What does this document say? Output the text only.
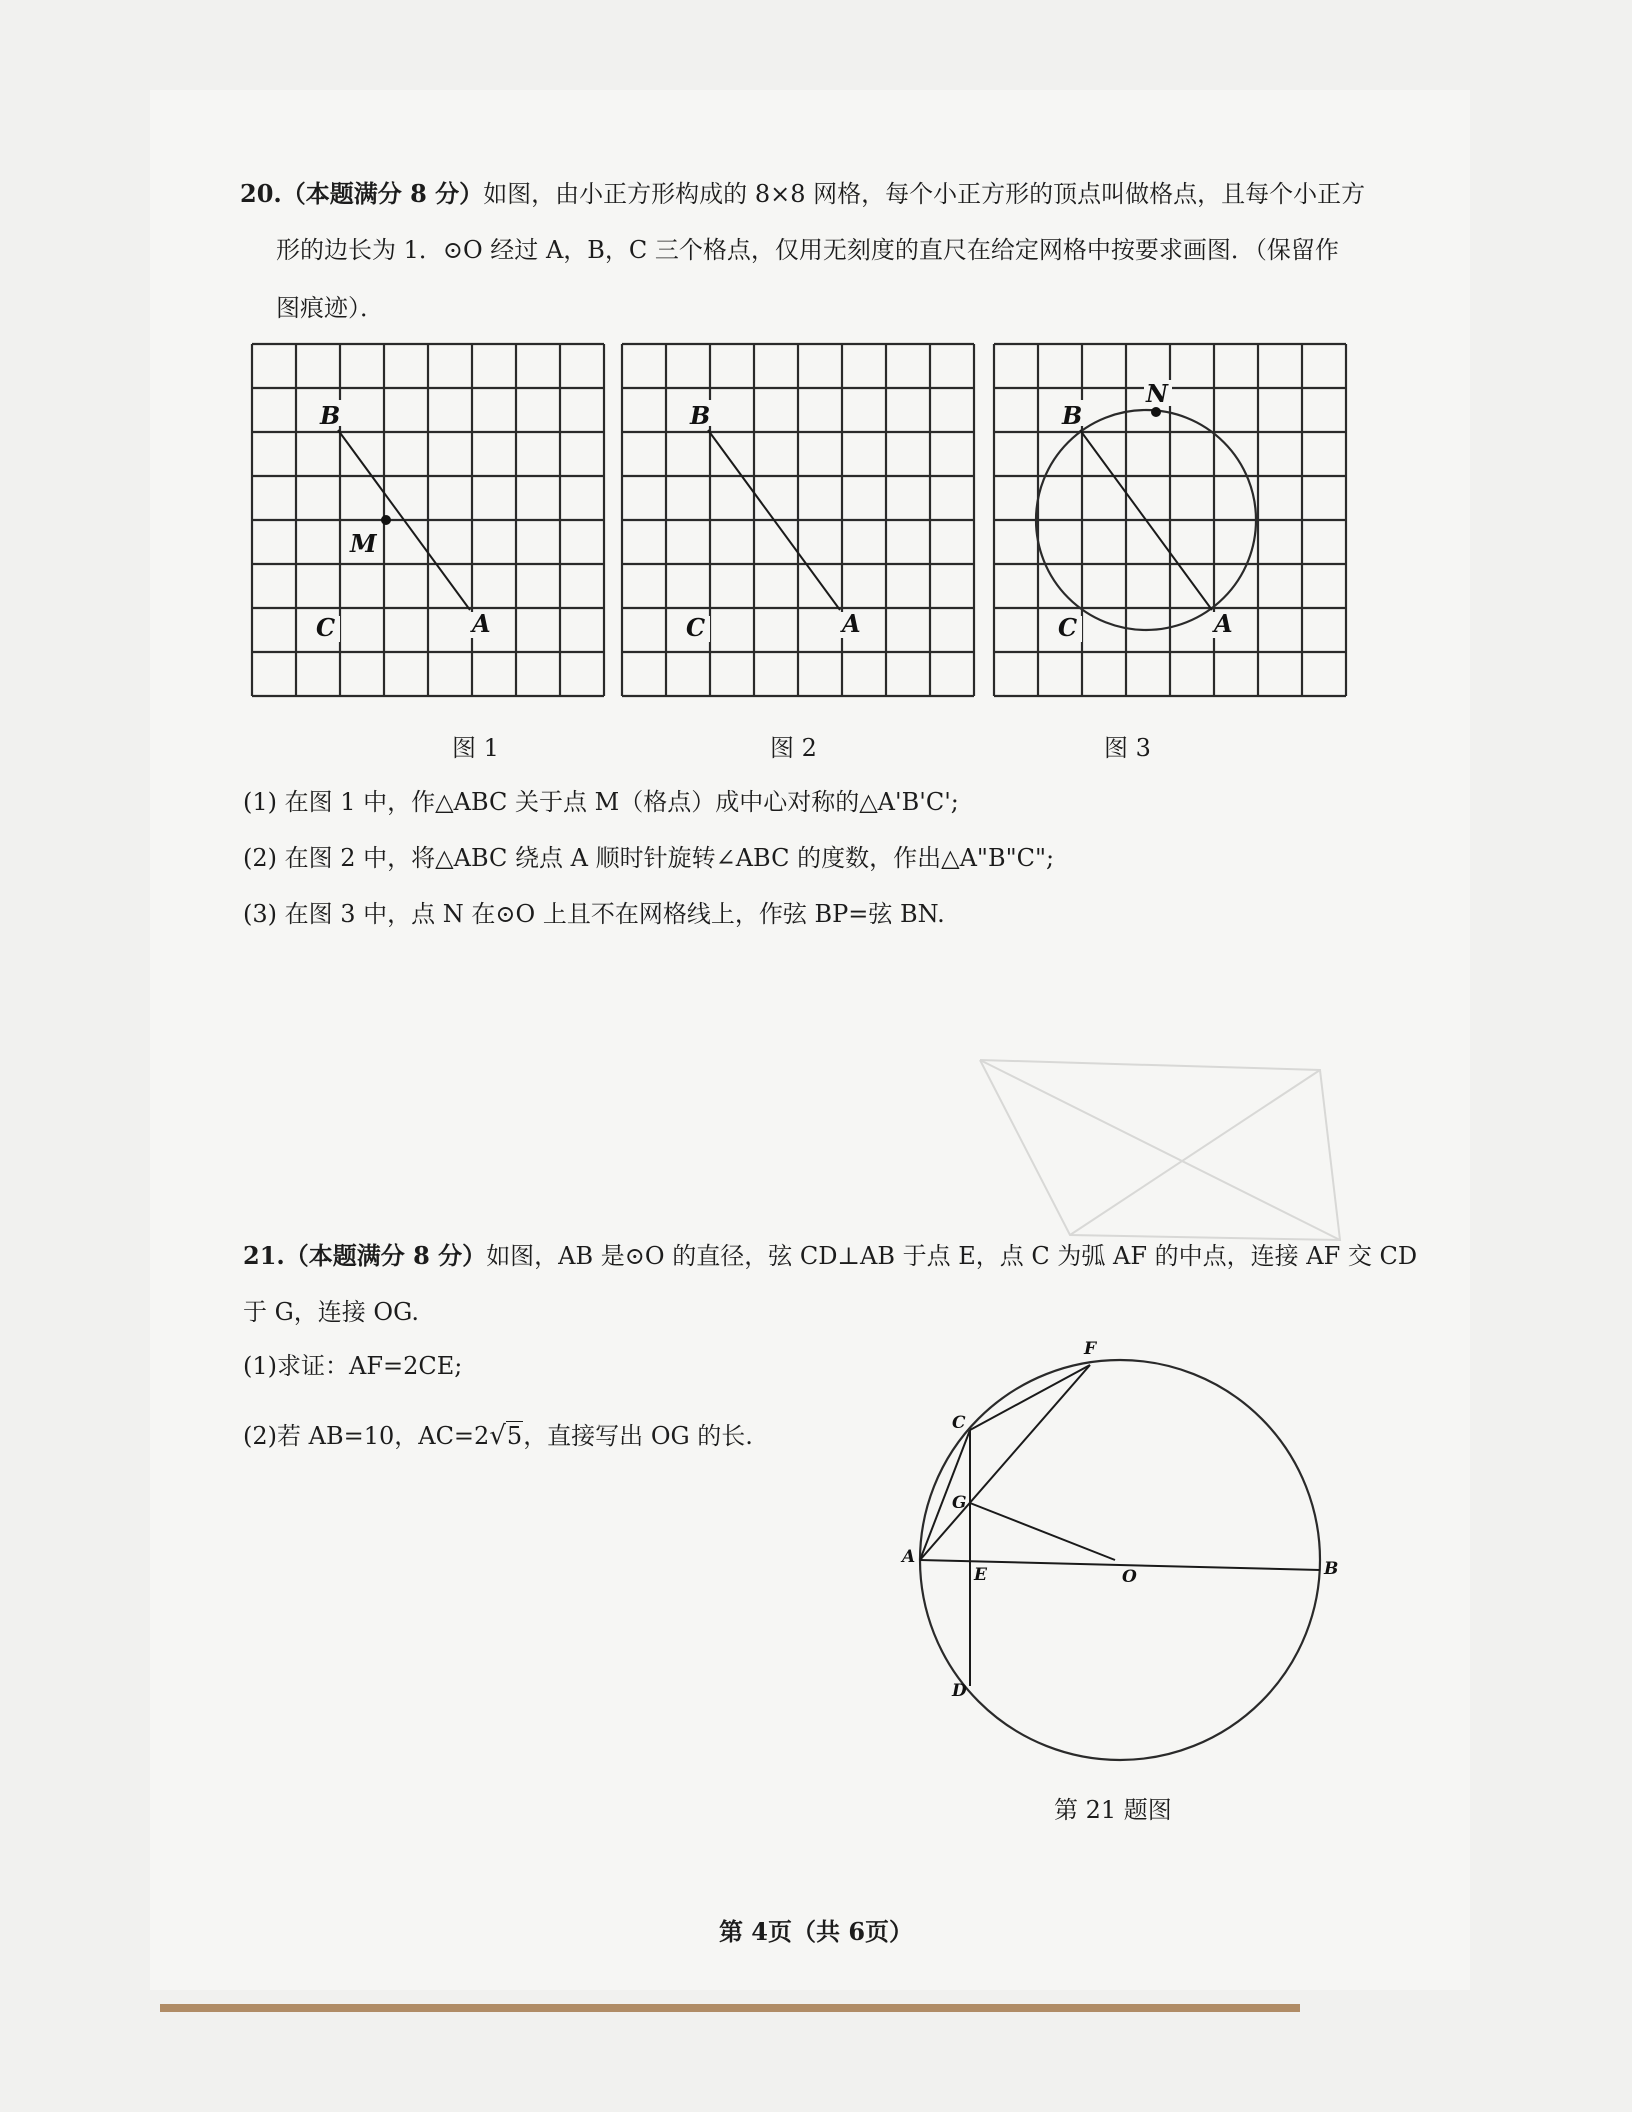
20.（本题满分 8 分）如图，由小正方形构成的 8×8 网格，每个小正方形的顶点叫做格点，且每个小正方
形的边长为 1．⊙O 经过 A，B，C 三个格点，仅用无刻度的直尺在给定网格中按要求画图．（保留作
图痕迹）．
B
M
C	A
图 1
B
C	A
图 2
B
N
C	A
图 3
(1) 在图 1 中，作△ABC 关于点 M（格点）成中心对称的△A'B'C';
(2) 在图 2 中，将△ABC 绕点 A 顺时针旋转∠ABC 的度数，作出△A"B"C";
(3) 在图 3 中，点 N 在⊙O 上且不在网格线上，作弦 BP=弦 BN.
21.（本题满分 8 分）如图，AB 是⊙O 的直径，弦 CD⊥AB 于点 E，点 C 为弧 AF 的中点，连接 AF 交 CD
于 G，连接 OG.
(1)求证：AF=2CE;
(2)若 AB=10，AC=2√5，直接写出 OG 的长.
F
C
G
A
E	O	B
D
第 21 题图
第 4页（共 6页）
